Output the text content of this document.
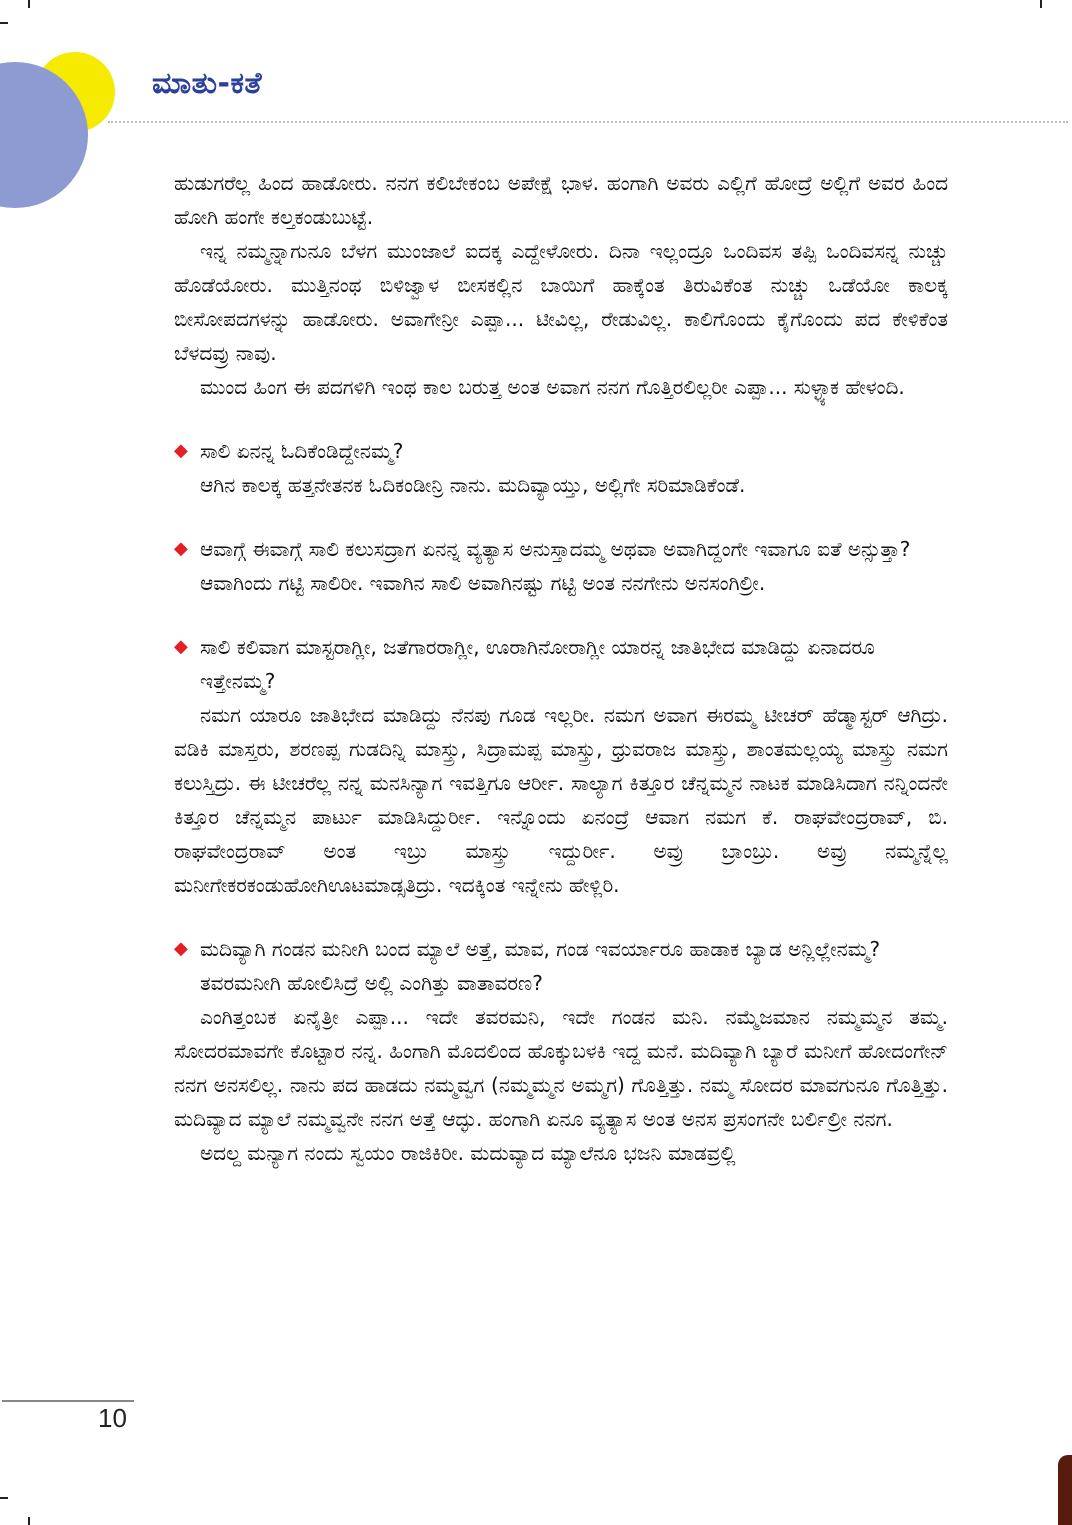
ಮಾತು-ಕತೆ

ಹುಡುಗರೆಲ್ಲ ಹಿಂದ ಹಾಡೋರು. ನನಗ ಕಲಿಬೇಕಂಬ ಅಪೇಕ್ಷೆ ಭಾಳ. ಹಂಗಾಗಿ ಅವರು ಎಲ್ಲಿಗೆ ಹೋದ್ರೆ ಅಲ್ಲಿಗೆ ಅವರ ಹಿಂದ ಹೋಗಿ ಹಂಗೇ ಕಲ್ತಕಂಡುಬುಟ್ಟೆ.

ಇನ್ನ ನಮ್ಮನ್ನಾಗುನೂ ಬೆಳಗ ಮುಂಜಾಲೆ ಐದಕ್ಕ ಎದ್ದೇಳೋರು. ದಿನಾ ಇಲ್ಲಂದ್ರೂ ಒಂದಿವಸ ತಪ್ಪಿ ಒಂದಿವಸನ್ನ ನುಚ್ಚು ಹೊಡೆಯೋರು. ಮುತ್ತಿನಂಥ ಬಿಳಿಜ್ವಾಳ ಬೀಸಕಲ್ಲಿನ ಬಾಯಿಗೆ ಹಾಕ್ಕೆಂತ ತಿರುವಿಕೆಂತ ನುಚ್ಚು ಒಡೆಯೋ ಕಾಲಕ್ಕ ಬೀಸೋಪದಗಳನ್ನು ಹಾಡೋರು. ಅವಾಗೇನ್ರೀ ಎಪ್ಪಾ... ಟೀವಿಲ್ಲ, ರೇಡುವಿಲ್ಲ. ಕಾಲಿಗೊಂದು ಕೈಗೊಂದು ಪದ ಕೇಳಿಕೆಂತ ಬೆಳದವ್ರು ನಾವು.

ಮುಂದ ಹಿಂಗ ಈ ಪದಗಳಿಗಿ ಇಂಥ ಕಾಲ ಬರುತ್ತ ಅಂತ ಅವಾಗ ನನಗ ಗೊತ್ತಿರಲಿಲ್ಲರೀ ಎಪ್ಪಾ... ಸುಳ್ಳ್ಯಾಕ ಹೇಳಂದಿ.

◆ ಸಾಲಿ ಏನನ್ನ ಓದಿಕೆಂಡಿದ್ದೇನಮ್ಮ?

ಆಗಿನ ಕಾಲಕ್ಕ ಹತ್ತನೇತನಕ ಓದಿಕಂಡೀನ್ರಿ ನಾನು. ಮದಿವ್ಯಾಯ್ತು, ಅಲ್ಲಿಗೇ ಸರಿಮಾಡಿಕೆಂಡೆ.

◆ ಆವಾಗ್ಗೆ ಈವಾಗ್ಗೆ ಸಾಲಿ ಕಲುಸದ್ರಾಗ ಏನನ್ನ ವ್ಯತ್ಯಾಸ ಅನುಸ್ತಾದಮ್ಮ ಅಥವಾ ಅವಾಗಿದ್ದಂಗೇ ಇವಾಗೂ ಐತೆ ಅನ್ಸುತ್ತಾ?

ಆವಾಗಿಂದು ಗಟ್ಟಿ ಸಾಲಿರೀ. ಇವಾಗಿನ ಸಾಲಿ ಅವಾಗಿನಷ್ಟು ಗಟ್ಟಿ ಅಂತ ನನಗೇನು ಅನಸಂಗಿಲ್ರೀ.

◆ ಸಾಲಿ ಕಲಿವಾಗ ಮಾಸ್ಟರಾಗ್ಲೀ, ಜತೆಗಾರರಾಗ್ಲೀ, ಊರಾಗಿನೋರಾಗ್ಲೀ ಯಾರನ್ನ ಜಾತಿಭೇದ ಮಾಡಿದ್ದು ಏನಾದರೂ ಇತ್ತೇನಮ್ಮ?

ನಮಗ ಯಾರೂ ಜಾತಿಭೇದ ಮಾಡಿದ್ದು ನೆನಪು ಗೂಡ ಇಲ್ಲರೀ. ನಮಗ ಅವಾಗ ಈರಮ್ಮ ಟೀಚರ್ ಹೆಡ್ಮಾಸ್ಟರ್ ಆಗಿದ್ರು. ವಡಿಕಿ ಮಾಸ್ತರು, ಶರಣಪ್ಪ ಗುಡದಿನ್ನಿ ಮಾಸ್ತ್ರು, ಸಿದ್ರಾಮಪ್ಪ ಮಾಸ್ತ್ರು, ಧ್ರುವರಾಜ ಮಾಸ್ತ್ರು, ಶಾಂತಮಲ್ಲಯ್ಯ ಮಾಸ್ತ್ರು ನಮಗ ಕಲುಸ್ತಿದ್ರು. ಈ ಟೀಚರೆಲ್ಲ ನನ್ನ ಮನಸಿನ್ಯಾಗ ಇವತ್ತಿಗೂ ಆರ್ರೀ. ಸಾಲ್ಯಾಗ ಕಿತ್ತೂರ ಚೆನ್ನಮ್ಮನ ನಾಟಕ ಮಾಡಿಸಿದಾಗ ನನ್ನಿಂದನೇ ಕಿತ್ತೂರ ಚೆನ್ನಮ್ಮನ ಪಾರ್ಟು ಮಾಡಿಸಿದ್ದುರ್ರೀ. ಇನ್ನೊಂದು ಏನಂದ್ರೆ ಆವಾಗ ನಮಗ ಕೆ. ರಾಘವೇಂದ್ರರಾವ್, ಬಿ. ರಾಘವೇಂದ್ರರಾವ್ ಅಂತ ಇಬ್ರು ಮಾಸ್ತ್ರು ಇದ್ದುರ್ರೀ. ಅವ್ರು ಬ್ರಾಂಬ್ರು. ಅವ್ರು ನಮ್ಮನ್ನೆಲ್ಲ ಮನೀಗೇಕರಕಂಡುಹೋಗಿಊಟಮಾಡ್ಸತಿದ್ರು. ಇದಕ್ಕಿಂತ ಇನ್ನೇನು ಹೇಳ್ಲಿರಿ.

◆ ಮದಿವ್ಯಾಗಿ ಗಂಡನ ಮನೀಗಿ ಬಂದ ಮ್ಯಾಲೆ ಅತ್ತೆ, ಮಾವ, ಗಂಡ ಇವರ್ಯಾರೂ ಹಾಡಾಕ ಬ್ಯಾಡ ಅನ್ಲಿಲ್ಲೇನಮ್ಮ? ತವರಮನೀಗಿ ಹೋಲಿಸಿದ್ರೆ ಅಲ್ಲಿ ಎಂಗಿತ್ತು ವಾತಾವರಣ?

ಎಂಗಿತ್ತಂಬಕ ಏನೈತ್ರೀ ಎಪ್ಪಾ... ಇದೇ ತವರಮನಿ, ಇದೇ ಗಂಡನ ಮನಿ. ನಮ್ಮೆಜಮಾನ ನಮ್ಮಮ್ಮನ ತಮ್ಮ. ಸೋದರಮಾವಗೇ ಕೊಟ್ಟಾರ ನನ್ನ. ಹಿಂಗಾಗಿ ಮೊದಲಿಂದ ಹೊಕ್ಕುಬಳಕಿ ಇದ್ದ ಮನೆ. ಮದಿವ್ಯಾಗಿ ಬ್ಯಾರೆ ಮನೀಗೆ ಹೋದಂಗೇನ್ ನನಗ ಅನಸಲಿಲ್ಲ. ನಾನು ಪದ ಹಾಡದು ನಮ್ಮವ್ವಗ (ನಮ್ಮಮ್ಮನ ಅಮ್ಮಗ) ಗೊತ್ತಿತ್ತು. ನಮ್ಮ ಸೋದರ ಮಾವಗುನೂ ಗೊತ್ತಿತ್ತು. ಮದಿವ್ಯಾದ ಮ್ಯಾಲೆ ನಮ್ಮವ್ವನೇ ನನಗ ಅತ್ತೆ ಆದ್ಳು. ಹಂಗಾಗಿ ಏನೂ ವ್ಯತ್ಯಾಸ ಅಂತ ಅನಸ ಪ್ರಸಂಗನೇ ಬರ್ಲಿಲ್ರೀ ನನಗ.

ಅದಲ್ದ ಮನ್ಯಾಗ ನಂದು ಸ್ವಯಂ ರಾಜಿಕಿರೀ. ಮದುವ್ಯಾದ ಮ್ಯಾಲೆನೂ ಭಜನಿ ಮಾಡವ್ರಲ್ಲಿ

10
